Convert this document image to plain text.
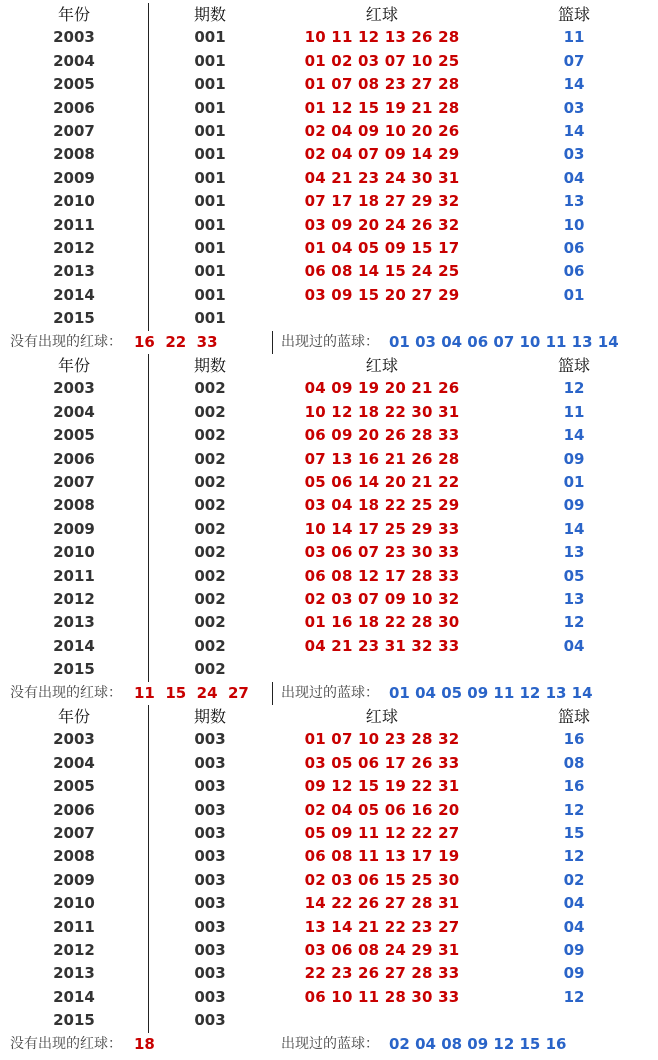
年份	期数	红球	篮球
2003	001	10 11 12 13 26 28	11
2004	001	01 02 03 07 10 25	07
2005	001	01 07 08 23 27 28	14
2006	001	01 12 15 19 21 28	03
2007	001	02 04 09 10 20 26	14
2008	001	02 04 07 09 14 29	03
2009	001	04 21 23 24 30 31	04
2010	001	07 17 18 27 29 32	13
2011	001	03 09 20 24 26 32	10
2012	001	01 04 05 09 15 17	06
2013	001	06 08 14 15 24 25	06
2014	001	03 09 15 20 27 29	01
2015	001
没有出现的红球： 16  22  33	出现过的蓝球： 01 03 04 06 07 10 11 13 14
年份	期数	红球	篮球
2003	002	04 09 19 20 21 26	12
2004	002	10 12 18 22 30 31	11
2005	002	06 09 20 26 28 33	14
2006	002	07 13 16 21 26 28	09
2007	002	05 06 14 20 21 22	01
2008	002	03 04 18 22 25 29	09
2009	002	10 14 17 25 29 33	14
2010	002	03 06 07 23 30 33	13
2011	002	06 08 12 17 28 33	05
2012	002	02 03 07 09 10 32	13
2013	002	01 16 18 22 28 30	12
2014	002	04 21 23 31 32 33	04
2015	002
没有出现的红球： 11  15  24  27 出现过的蓝球： 01 04 05 09 11 12 13 14
年份	期数	红球	篮球
2003	003	01 07 10 23 28 32	16
2004	003	03 05 06 17 26 33	08
2005	003	09 12 15 19 22 31	16
2006	003	02 04 05 06 16 20	12
2007	003	05 09 11 12 22 27	15
2008	003	06 08 11 13 17 19	12
2009	003	02 03 06 15 25 30	02
2010	003	14 22 26 27 28 31	04
2011	003	13 14 21 22 23 27	04
2012	003	03 06 08 24 29 31	09
2013	003	22 23 26 27 28 33	09
2014	003	06 10 11 28 30 33	12
2015	003
没有出现的红球： 18	出现过的蓝球： 02 04 08 09 12 15 16
